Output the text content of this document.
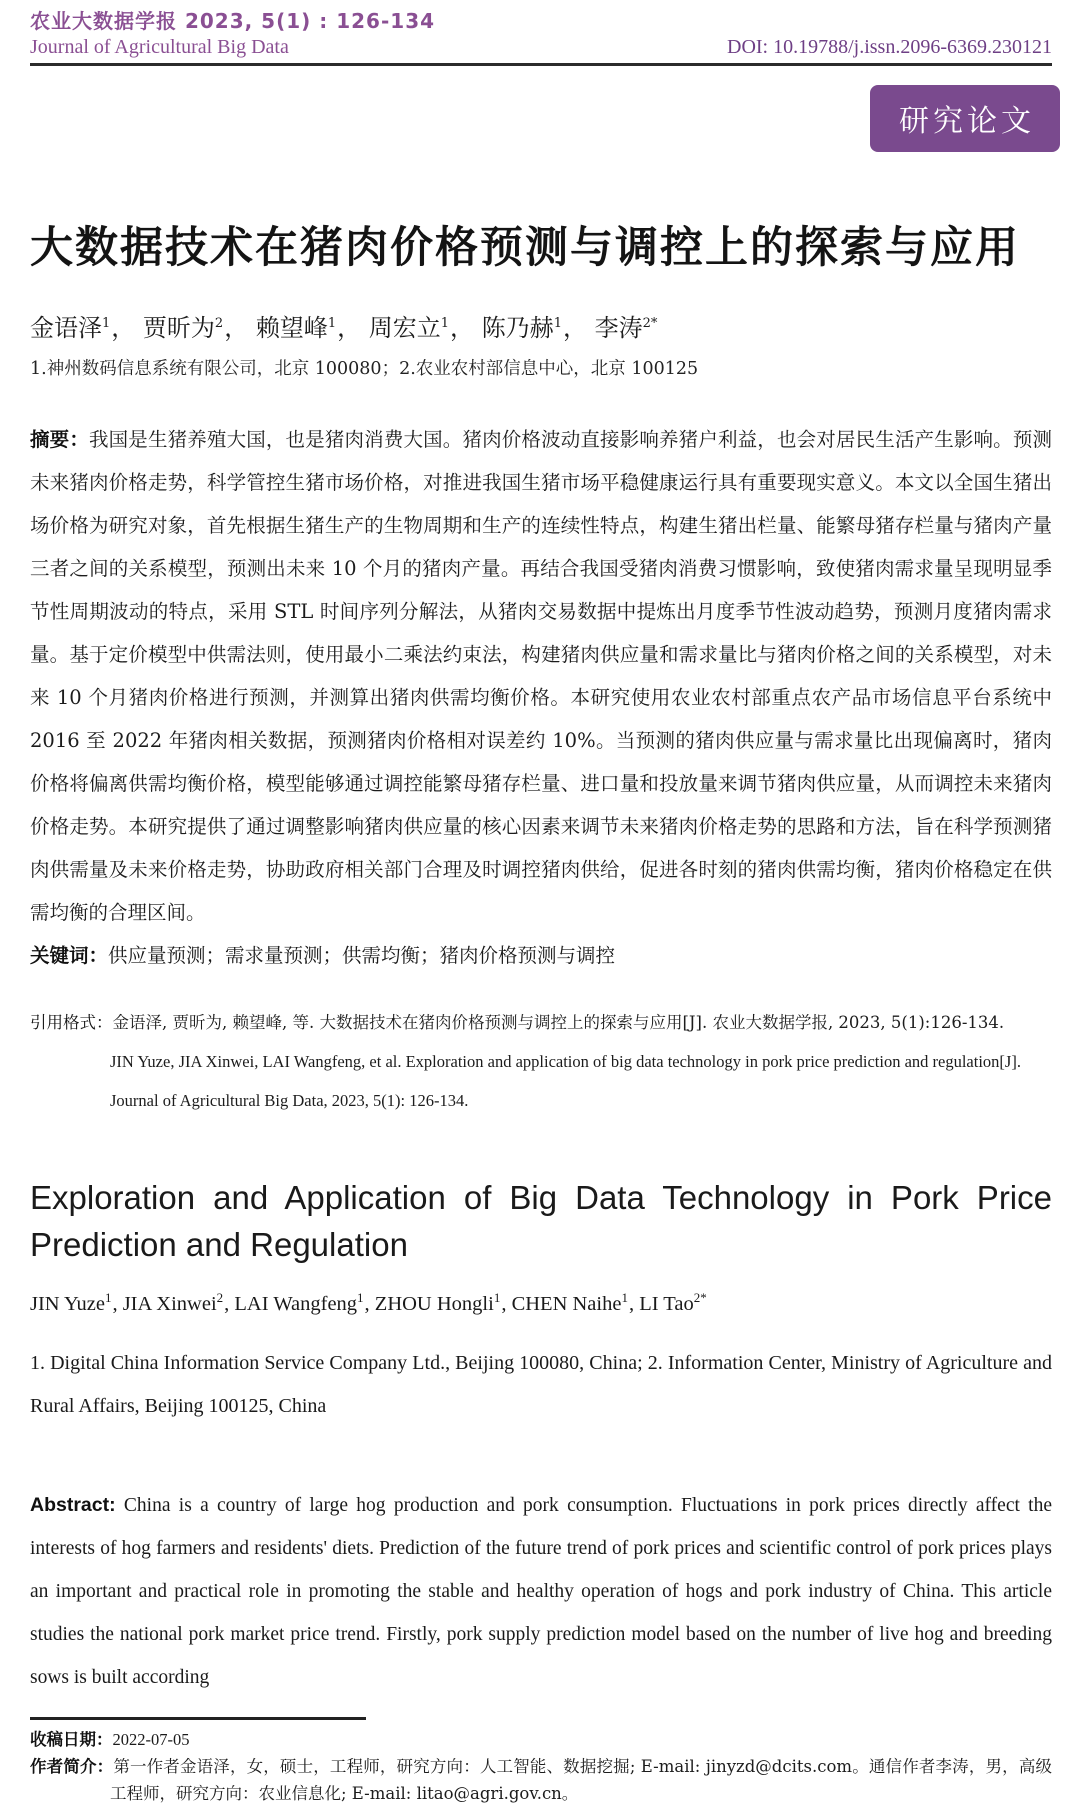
农业大数据学报 2023, 5(1) : 126-134
Journal of Agricultural Big Data	DOI: 10.19788/j.issn.2096-6369.230121
研究论文
大数据技术在猪肉价格预测与调控上的探索与应用
金语泽$^1$， 贾昕为$^2$， 赖望峰$^1$， 周宏立$^1$， 陈乃赫$^1$， 李涛$^{2*}$
1.神州数码信息系统有限公司，北京 100080；2.农业农村部信息中心，北京 100125

摘要：我国是生猪养殖大国，也是猪肉消费大国。猪肉价格波动直接影响养猪户利益，也会对居民生活产生影响。预测未来猪肉价格走势，科学管控生猪市场价格，对推进我国生猪市场平稳健康运行具有重要现实意义。本文以全国生猪出场价格为研究对象，首先根据生猪生产的生物周期和生产的连续性特点，构建生猪出栏量、能繁母猪存栏量与猪肉产量三者之间的关系模型，预测出未来 10 个月的猪肉产量。再结合我国受猪肉消费习惯影响，致使猪肉需求量呈现明显季节性周期波动的特点，采用 STL 时间序列分解法，从猪肉交易数据中提炼出月度季节性波动趋势，预测月度猪肉需求量。基于定价模型中供需法则，使用最小二乘法约束法，构建猪肉供应量和需求量比与猪肉价格之间的关系模型，对未来 10 个月猪肉价格进行预测，并测算出猪肉供需均衡价格。本研究使用农业农村部重点农产品市场信息平台系统中 2016 至 2022 年猪肉相关数据，预测猪肉价格相对误差约 10%。当预测的猪肉供应量与需求量比出现偏离时，猪肉价格将偏离供需均衡价格，模型能够通过调控能繁母猪存栏量、进口量和投放量来调节猪肉供应量，从而调控未来猪肉价格走势。本研究提供了通过调整影响猪肉供应量的核心因素来调节未来猪肉价格走势的思路和方法，旨在科学预测猪肉供需量及未来价格走势，协助政府相关部门合理及时调控猪肉供给，促进各时刻的猪肉供需均衡，猪肉价格稳定在供需均衡的合理区间。

关键词：供应量预测；需求量预测；供需均衡；猪肉价格预测与调控

引用格式：金语泽, 贾昕为, 赖望峰, 等. 大数据技术在猪肉价格预测与调控上的探索与应用[J]. 农业大数据学报, 2023, 5(1):126-134.

JIN Yuze, JIA Xinwei, LAI Wangfeng, et al. Exploration and application of big data technology in pork price prediction and regulation[J]. Journal of Agricultural Big Data, 2023, 5(1): 126-134.

Exploration and Application of Big Data Technology in Pork Price Prediction and Regulation
JIN Yuze$^1$, JIA Xinwei$^2$, LAI Wangfeng$^1$, ZHOU Hongli$^1$, CHEN Naihe$^1$, LI Tao$^{2*}$
1. Digital China Information Service Company Ltd., Beijing 100080, China; 2. Information Center, Ministry of Agriculture and Rural Affairs, Beijing 100125, China

Abstract: China is a country of large hog production and pork consumption. Fluctuations in pork prices directly affect the interests of hog farmers and residents' diets. Prediction of the future trend of pork prices and scientific control of pork prices plays an important and practical role in promoting the stable and healthy operation of hogs and pork industry of China. This article studies the national pork market price trend. Firstly, pork supply prediction model based on the number of live hog and breeding sows is built according

收稿日期：2022-07-05

作者简介：第一作者金语泽，女，硕士，工程师，研究方向：人工智能、数据挖掘; E-mail: jinyzd@dcits.com。通信作者李涛，男，高级工程师，研究方向：农业信息化; E-mail: litao@agri.gov.cn。
